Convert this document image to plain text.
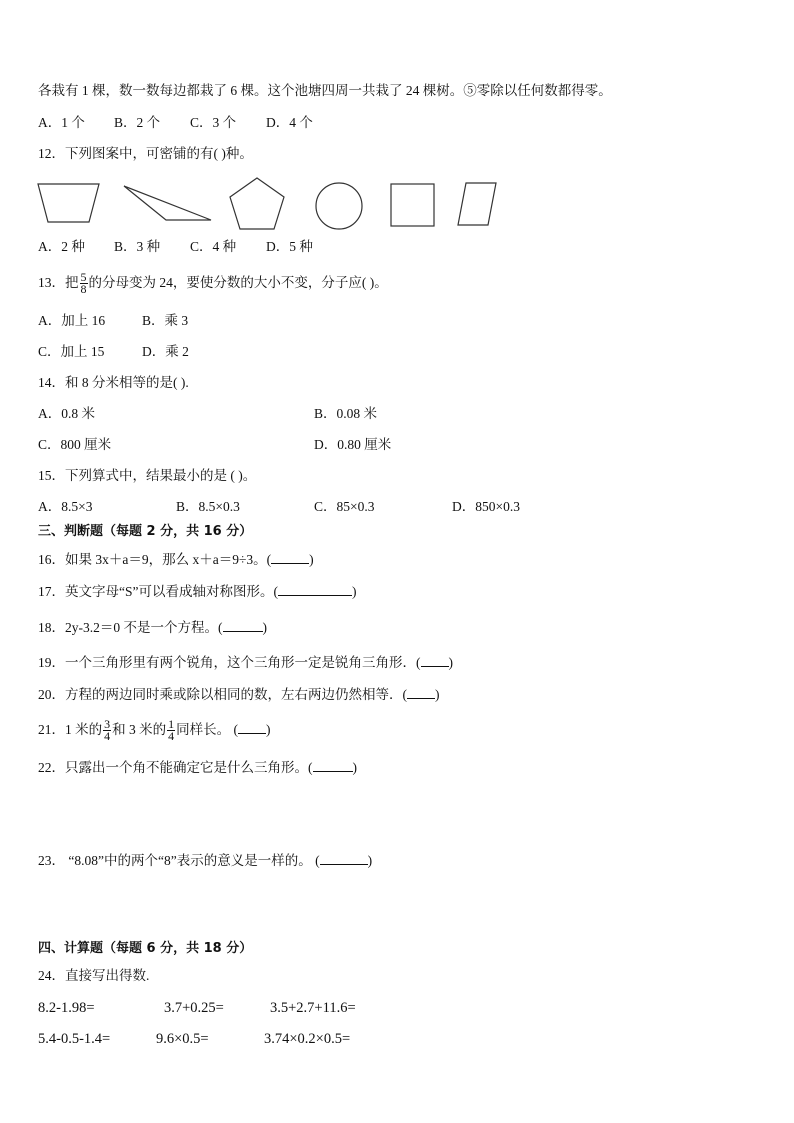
各栽有 1 棵，数一数每边都栽了 6 棵。这个池塘四周一共栽了 24 棵树。⑤零除以任何数都得零。
A．1 个 B．2 个 C．3 个 D．4 个
12．下列图案中，可密铺的有( )种。
A．2 种 B．3 种 C．4 种 D．5 种
13．把 $\frac{5}{8}$ 的分母变为 24，要使分数的大小不变，分子应( )。
A．加上 16	B．乘 3
C．加上 15	D．乘 2
14．和 8 分米相等的是( ).
A．0.8 米	B．0.08 米
C．800 厘米	D．0.80 厘米
15．下列算式中，结果最小的是 ( )。
A．8.5×3	B．8.5×0.3	C．85×0.3	D．850×0.3
三、判断题（每题 2 分，共 16 分）
16．如果 3x＋a＝9，那么 x＋a＝9÷3。(	)
17．英文字母“S”可以看成轴对称图形。(	)
18．2y-3.2＝0 不是一个方程。(	)
19．一个三角形里有两个锐角，这个三角形一定是锐角三角形．( )
20．方程的两边同时乘或除以相同的数，左右两边仍然相等．( )
21．1 米的 $\frac{3}{4}$ 和 3 米的 $\frac{1}{4}$ 同样长。 ( )
22．只露出一个角不能确定它是什么三角形。(	)
23． “8.08”中的两个“8”表示的意义是一样的。 (	)
四、计算题（每题 6 分，共 18 分）
24．直接写出得数.
8.2-1.98=	3.7+0.25=	3.5+2.7+11.6=
5.4-0.5-1.4=	9.6×0.5=	3.74×0.2×0.5=
